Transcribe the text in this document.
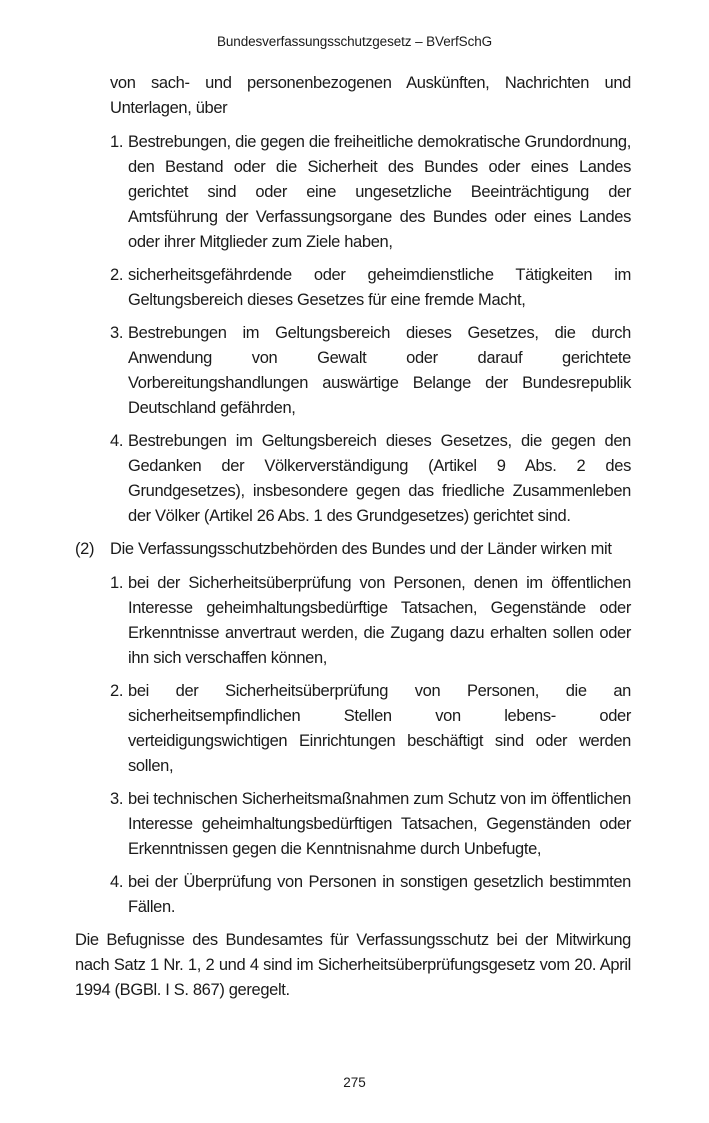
Bundesverfassungsschutzgesetz – BVerfSchG

von sach- und personenbezogenen Auskünften, Nachrichten und Unterlagen, über

1. Bestrebungen, die gegen die freiheitliche demokratische Grundordnung, den Bestand oder die Sicherheit des Bundes oder eines Landes gerichtet sind oder eine ungesetzliche Beeinträchtigung der Amtsführung der Verfassungsorgane des Bundes oder eines Landes oder ihrer Mitglieder zum Ziele haben,
2. sicherheitsgefährdende oder geheimdienstliche Tätigkeiten im Geltungsbereich dieses Gesetzes für eine fremde Macht,
3. Bestrebungen im Geltungsbereich dieses Gesetzes, die durch Anwendung von Gewalt oder darauf gerichtete Vorbereitungshandlungen auswärtige Belange der Bundesrepublik Deutschland gefährden,
4. Bestrebungen im Geltungsbereich dieses Gesetzes, die gegen den Gedanken der Völkerverständigung (Artikel 9 Abs. 2 des Grundgesetzes), insbesondere gegen das friedliche Zusammenleben der Völker (Artikel 26 Abs. 1 des Grundgesetzes) gerichtet sind.
(2) Die Verfassungsschutzbehörden des Bundes und der Länder wirken mit

1. bei der Sicherheitsüberprüfung von Personen, denen im öffentlichen Interesse geheimhaltungsbedürftige Tatsachen, Gegenstände oder Erkenntnisse anvertraut werden, die Zugang dazu erhalten sollen oder ihn sich verschaffen können,
2. bei der Sicherheitsüberprüfung von Personen, die an sicherheitsempfindlichen Stellen von lebens- oder verteidigungswichtigen Einrichtungen beschäftigt sind oder werden sollen,
3. bei technischen Sicherheitsmaßnahmen zum Schutz von im öffentlichen Interesse geheimhaltungsbedürftigen Tatsachen, Gegenständen oder Erkenntnissen gegen die Kenntnisnahme durch Unbefugte,
4. bei der Überprüfung von Personen in sonstigen gesetzlich bestimmten Fällen.

Die Befugnisse des Bundesamtes für Verfassungsschutz bei der Mitwirkung nach Satz 1 Nr. 1, 2 und 4 sind im Sicherheitsüberprüfungsgesetz vom 20. April 1994 (BGBl. I S. 867) geregelt.

275
